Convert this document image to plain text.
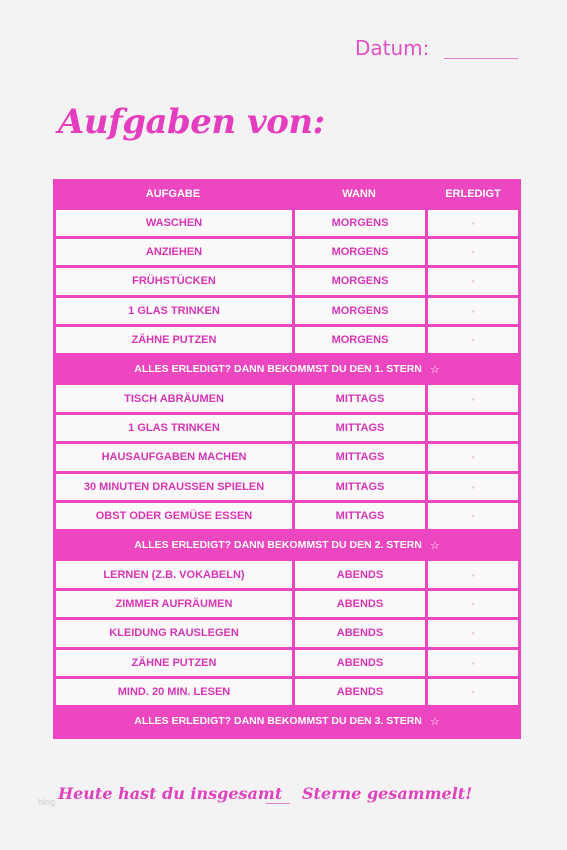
Datum:
Aufgaben von:
AUFGABE	WANN	ERLEDIGT
WASCHEN	MORGENS	◦
ANZIEHEN	MORGENS	◦
FRÜHSTÜCKEN	MORGENS	◦
1 GLAS TRINKEN	MORGENS	◦
ZÄHNE PUTZEN	MORGENS	◦
ALLES ERLEDIGT? DANN BEKOMMST DU DEN 1. STERN ☆
TISCH ABRÄUMEN	MITTAGS	◦
1 GLAS TRINKEN	MITTAGS
HAUSAUFGABEN MACHEN	MITTAGS	◦
30 MINUTEN DRAUSSEN SPIELEN	MITTAGS	◦
OBST ODER GEMÜSE ESSEN	MITTAGS	◦
ALLES ERLEDIGT? DANN BEKOMMST DU DEN 2. STERN ☆
LERNEN (Z.B. VOKABELN)	ABENDS	◦
ZIMMER AUFRÄUMEN	ABENDS	◦
KLEIDUNG RAUSLEGEN	ABENDS	◦
ZÄHNE PUTZEN	ABENDS	◦
MIND. 20 MIN. LESEN	ABENDS	◦
ALLES ERLEDIGT? DANN BEKOMMST DU DEN 3. STERN ☆
Heute hast du insgesamt Sterne gesammelt!
blog
